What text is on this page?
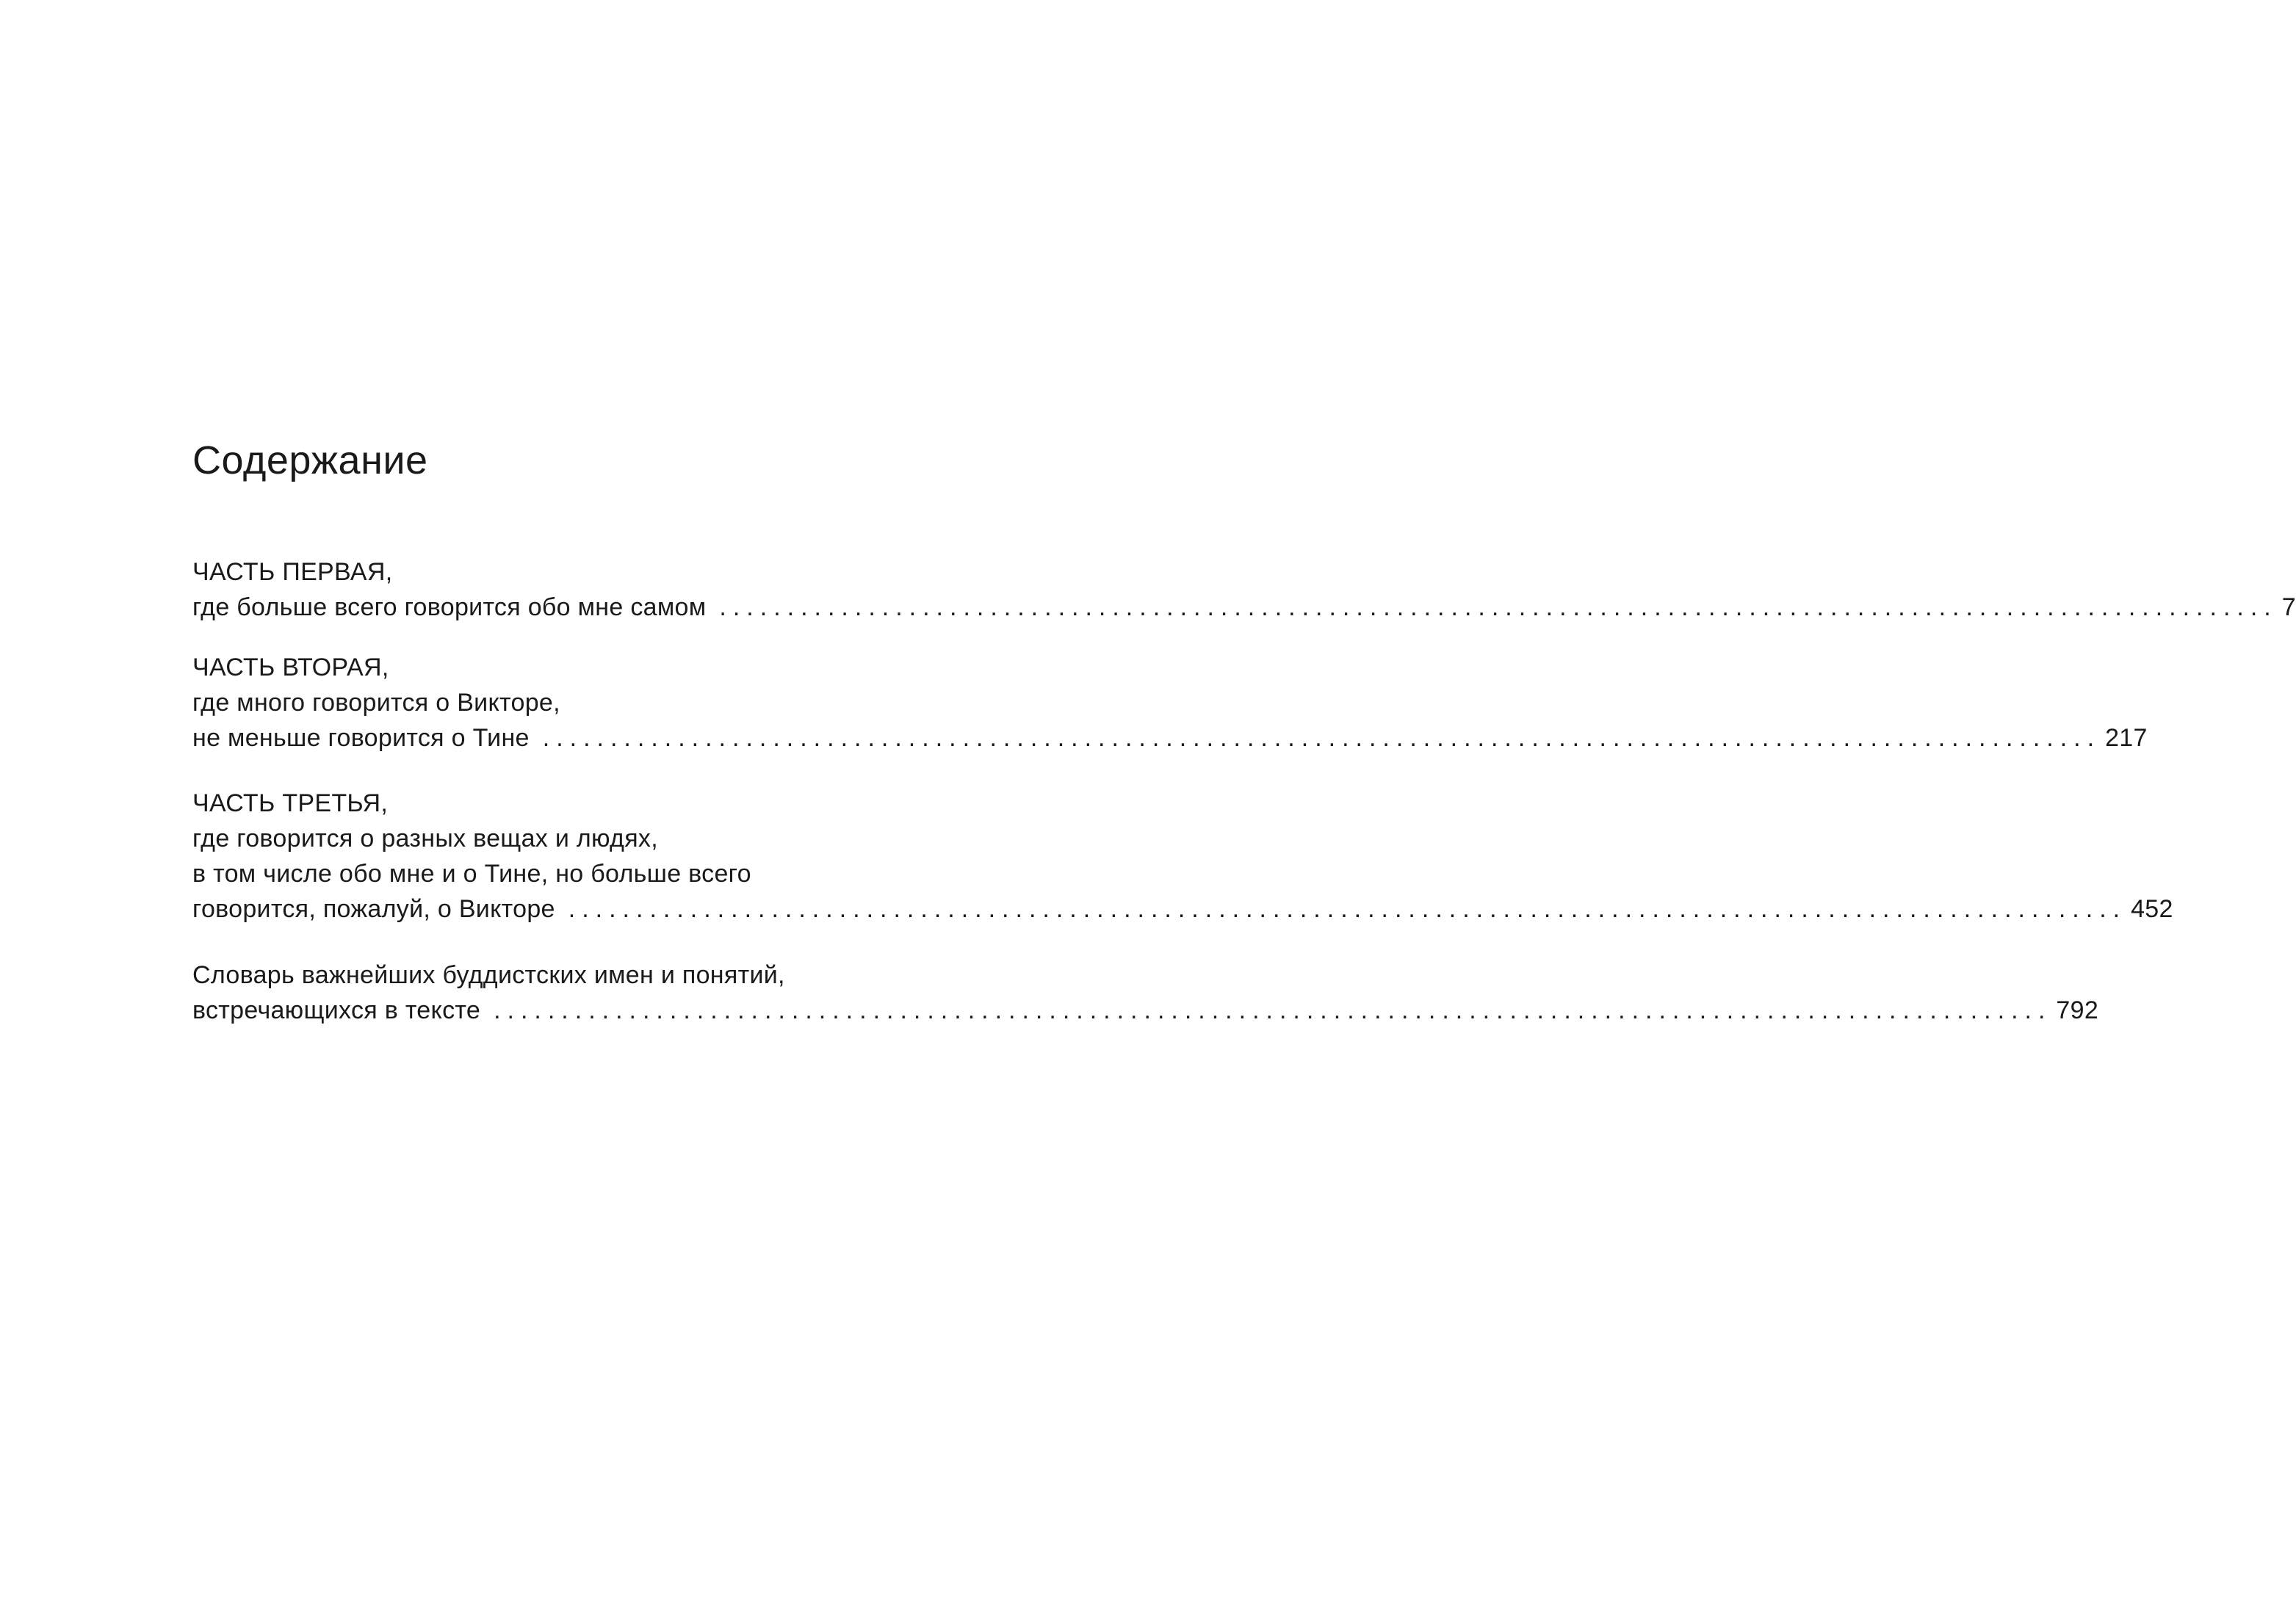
Содержание
ЧАСТЬ ПЕРВАЯ,
где больше всего говорится обо мне самом ................................................................................................................... 7
ЧАСТЬ ВТОРАЯ,
где много говорится о Викторе,
не меньше говорится о Тине ................................................................................................................... 217
ЧАСТЬ ТРЕТЬЯ,
где говорится о разных вещах и людях,
в том числе обо мне и о Тине, но больше всего
говорится, пожалуй, о Викторе ................................................................................................................... 452
Словарь важнейших буддистских имен и понятий,
встречающихся в тексте ................................................................................................................... 792
